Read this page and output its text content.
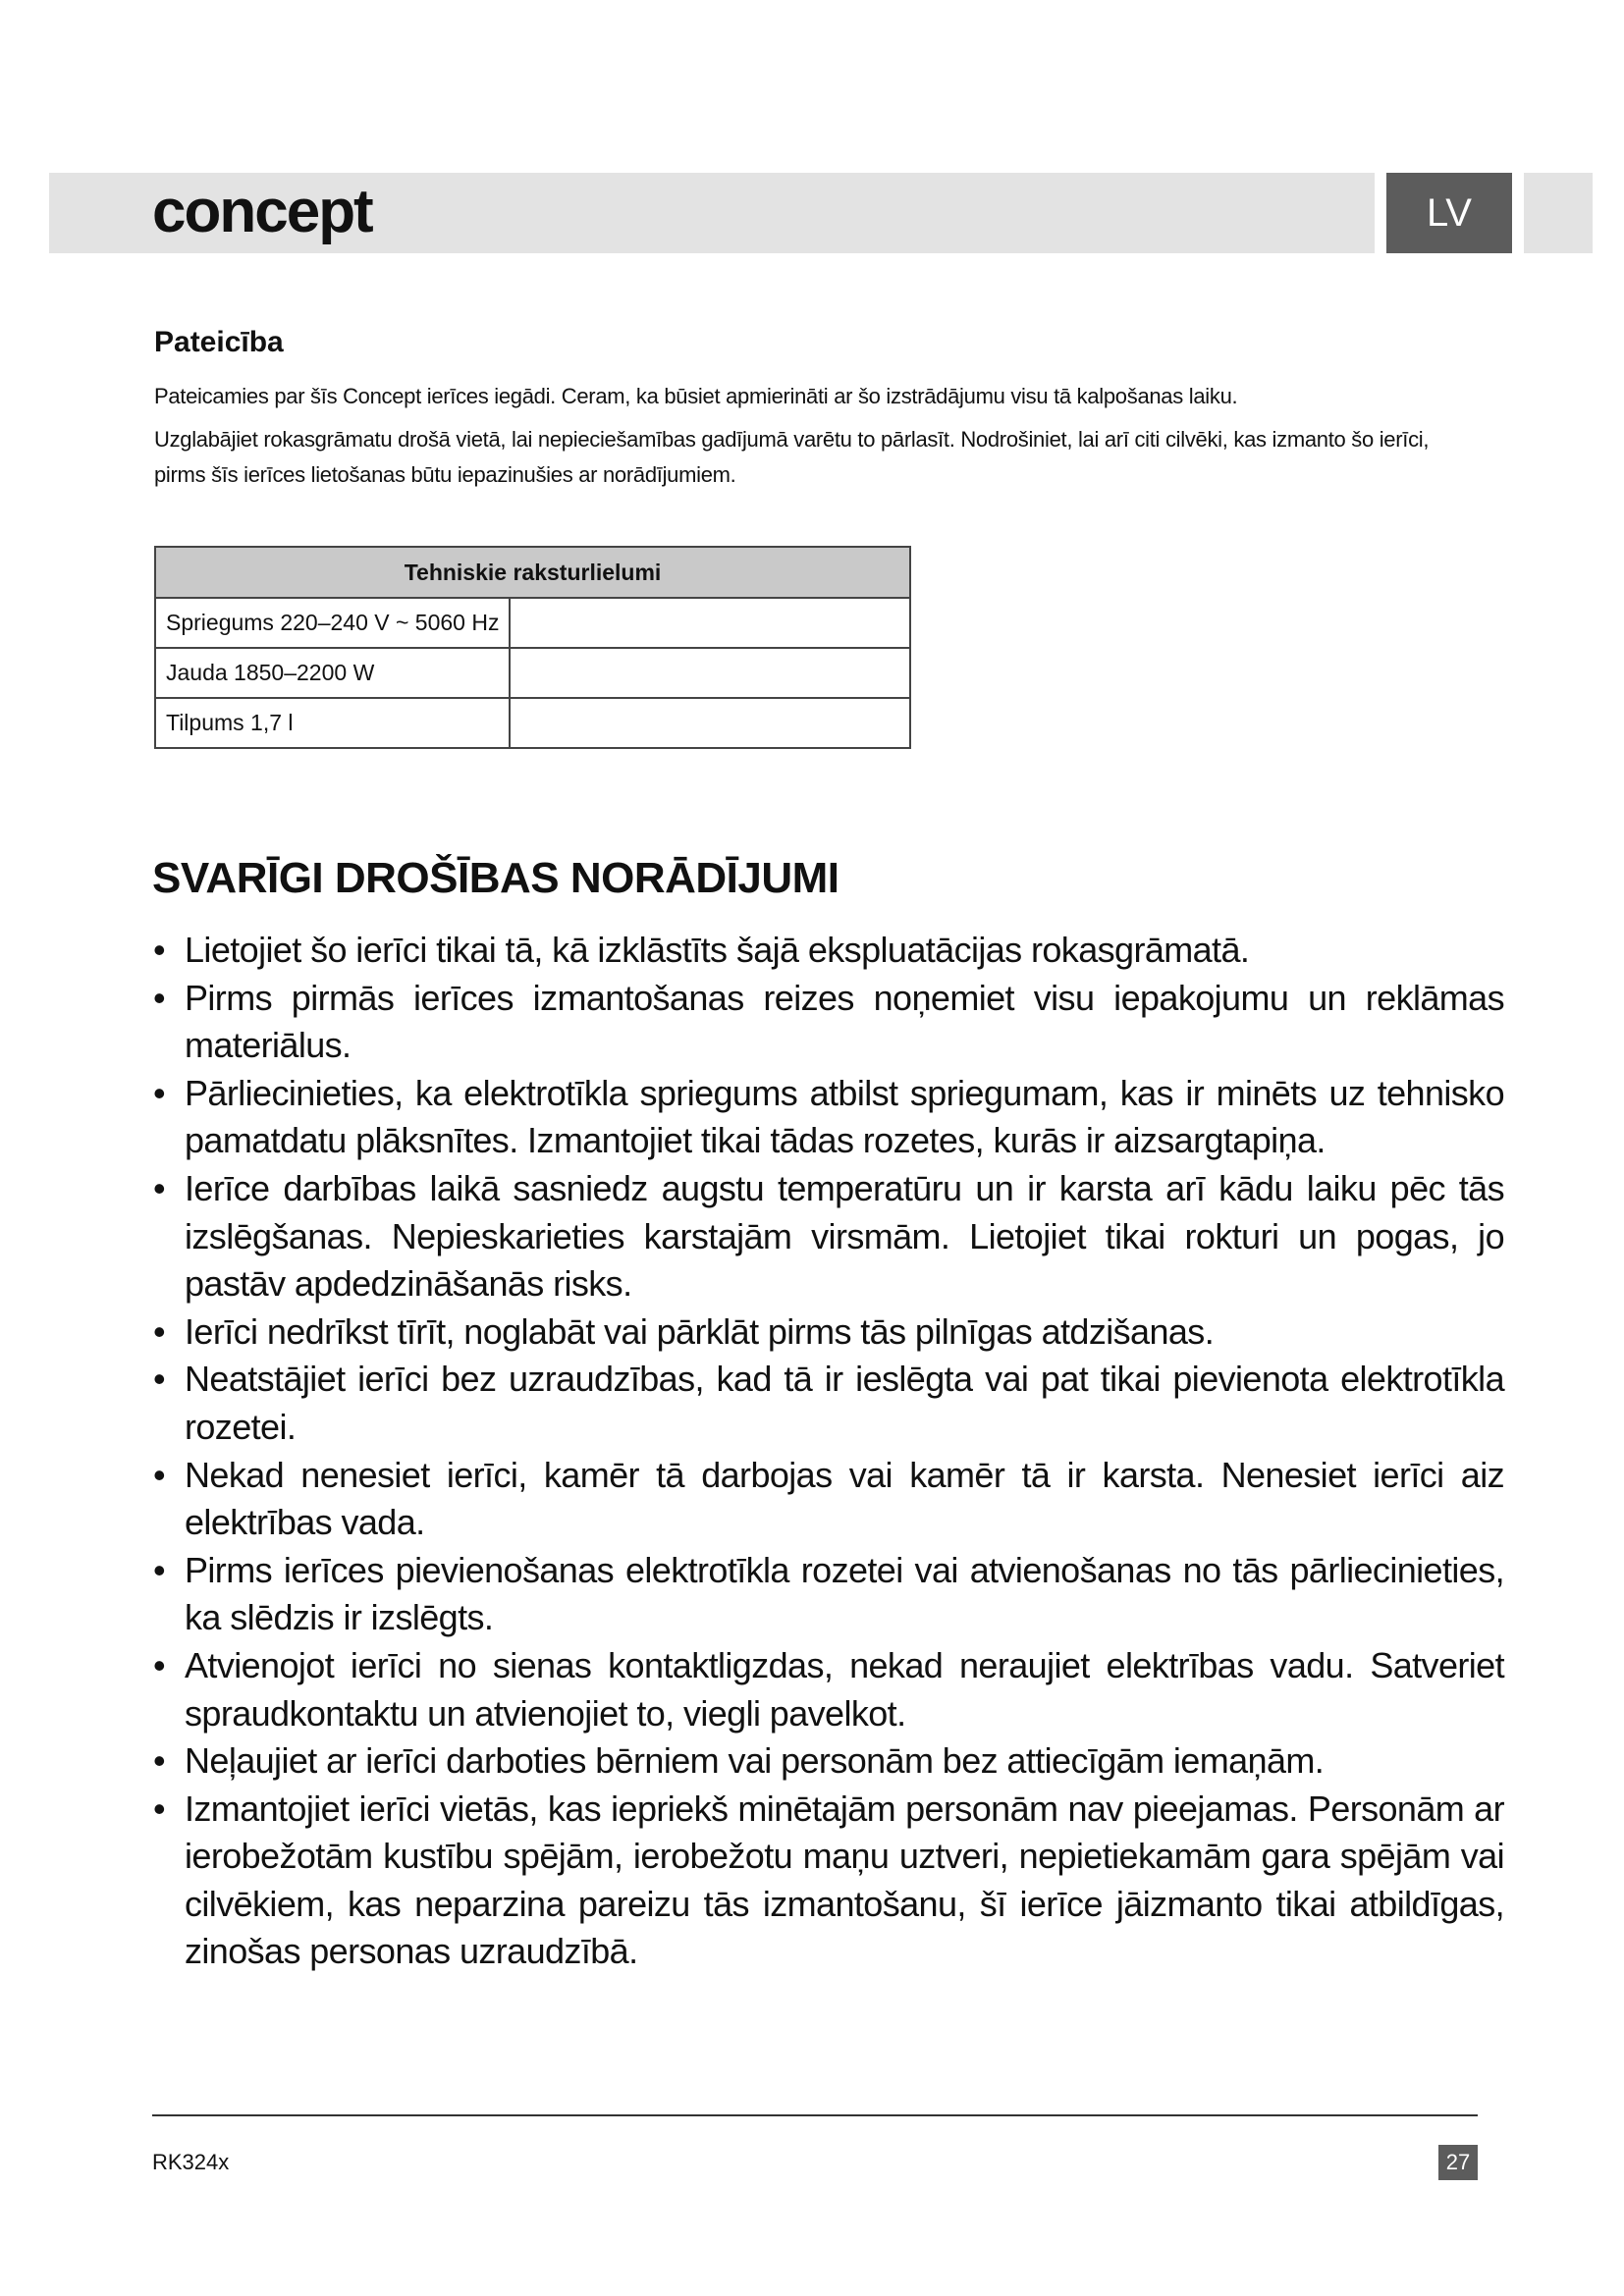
LV
concept
Pateicība
Pateicamies par šīs Concept ierīces iegādi. Ceram, ka būsiet apmierināti ar šo izstrādājumu visu tā kalpošanas laiku.
Uzglabājiet rokasgrāmatu drošā vietā, lai nepieciešamības gadījumā varētu to pārlasīt. Nodrošiniet, lai arī citi cilvēki, kas izmanto šo ierīci, pirms šīs ierīces lietošanas būtu iepazinušies ar norādījumiem.
Tehniskie raksturlielumi	
Spriegums 220–240 V ~ 5060 Hz	
Jauda 1850–2200 W	
Tilpums 1,7 l	
SVARĪGI DROŠĪBAS NORĀDĪJUMI
• Lietojiet šo ierīci tikai tā, kā izklāstīts šajā ekspluatācijas rokasgrāmatā.
• Pirms pirmās ierīces izmantošanas reizes noņemiet visu iepakojumu un reklāmas materiālus.
• Pārliecinieties, ka elektrotīkla spriegums atbilst spriegumam, kas ir minēts uz tehnisko pamatdatu plāksnītes. Izmantojiet tikai tādas rozetes, kurās ir aizsargtapiņa.
• Ierīce darbības laikā sasniedz augstu temperatūru un ir karsta arī kādu laiku pēc tās izslēgšanas. Nepieskarieties karstajām virsmām. Lietojiet tikai rokturi un pogas, jo pastāv apdedzināšanās risks.
• Ierīci nedrīkst tīrīt, noglabāt vai pārklāt pirms tās pilnīgas atdzišanas.
• Neatstājiet ierīci bez uzraudzības, kad tā ir ieslēgta vai pat tikai pievienota elektrotīkla rozetei.
• Nekad nenesiet ierīci, kamēr tā darbojas vai kamēr tā ir karsta. Nenesiet ierīci aiz elektrības vada.
• Pirms ierīces pievienošanas elektrotīkla rozetei vai atvienošanas no tās pārliecinieties, ka slēdzis ir izslēgts.
• Atvienojot ierīci no sienas kontaktligzdas, nekad neraujiet elektrības vadu. Satveriet spraudkontaktu un atvienojiet to, viegli pavelkot.
• Neļaujiet ar ierīci darboties bērniem vai personām bez attiecīgām iemaņām.
• Izmantojiet ierīci vietās, kas iepriekš minētajām personām nav pieejamas. Personām ar ierobežotām kustību spējām, ierobežotu maņu uztveri, nepietiekamām gara spējām vai cilvēkiem, kas neparzina pareizu tās izmantošanu, šī ierīce jāizmanto tikai atbildīgas, zinošas personas uzraudzībā.
RK324x	27
